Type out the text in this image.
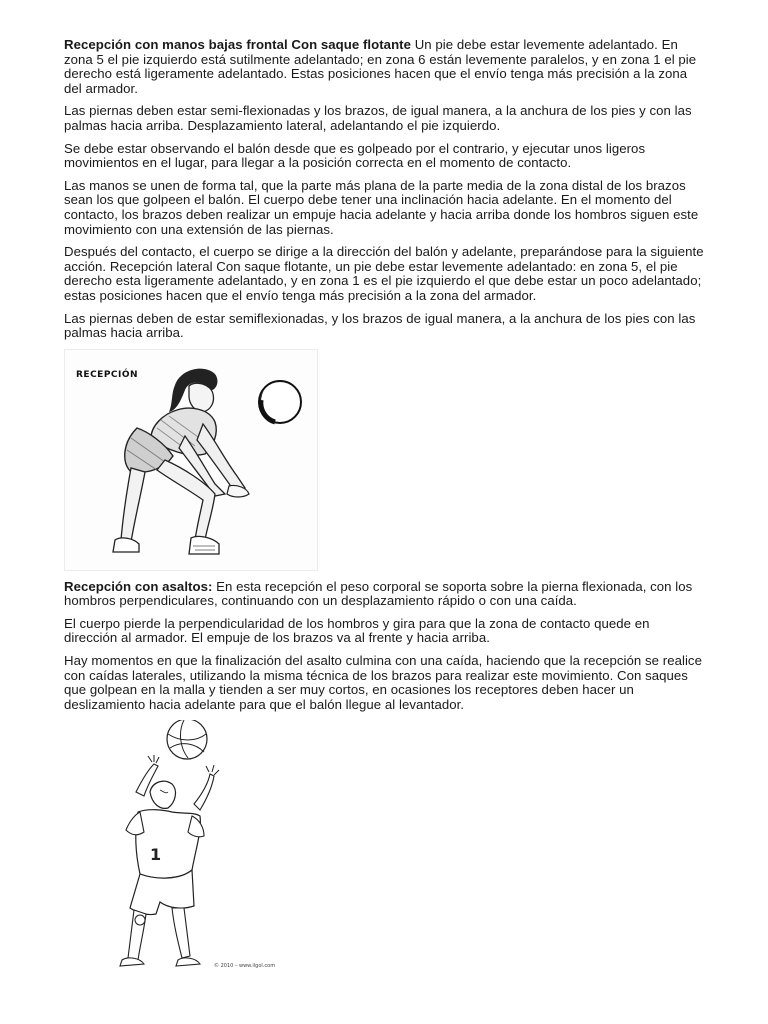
Recepción con manos bajas frontal Con saque flotante Un pie debe estar levemente adelantado. En zona 5 el pie izquierdo está sutilmente adelantado; en zona 6 están levemente paralelos, y en zona 1 el pie derecho está ligeramente adelantado. Estas posiciones hacen que el envío tenga más precisión a la zona del armador.

Las piernas deben estar semi-flexionadas y los brazos, de igual manera, a la anchura de los pies y con las palmas hacia arriba. Desplazamiento lateral, adelantando el pie izquierdo.

Se debe estar observando el balón desde que es golpeado por el contrario, y ejecutar unos ligeros movimientos en el lugar, para llegar a la posición correcta en el momento de contacto.

Las manos se unen de forma tal, que la parte más plana de la parte media de la zona distal de los brazos sean los que golpeen el balón. El cuerpo debe tener una inclinación hacia adelante. En el momento del contacto, los brazos deben realizar un empuje hacia adelante y hacia arriba donde los hombros siguen este movimiento con una extensión de las piernas.

Después del contacto, el cuerpo se dirige a la dirección del balón y adelante, preparándose para la siguiente acción. Recepción lateral Con saque flotante, un pie debe estar levemente adelantado: en zona 5, el pie derecho esta ligeramente adelantado, y en zona 1 es el pie izquierdo el que debe estar un poco adelantado; estas posiciones hacen que el envío tenga más precisión a la zona del armador.

Las piernas deben de estar semiflexionadas, y los brazos de igual manera, a la anchura de los pies con las palmas hacia arriba.

RECEPCIÓN

Recepción con asaltos: En esta recepción el peso corporal se soporta sobre la pierna flexionada, con los hombros perpendiculares, continuando con un desplazamiento rápido o con una caída.

El cuerpo pierde la perpendicularidad de los hombros y gira para que la zona de contacto quede en dirección al armador. El empuje de los brazos va al frente y hacia arriba.

Hay momentos en que la finalización del asalto culmina con una caída, haciendo que la recepción se realice con caídas laterales, utilizando la misma técnica de los brazos para realizar este movimiento. Con saques que golpean en la malla y tienden a ser muy cortos, en ocasiones los receptores deben hacer un deslizamiento hacia adelante para que el balón llegue al levantador.

1
© 2010 – www.ilgol.com
